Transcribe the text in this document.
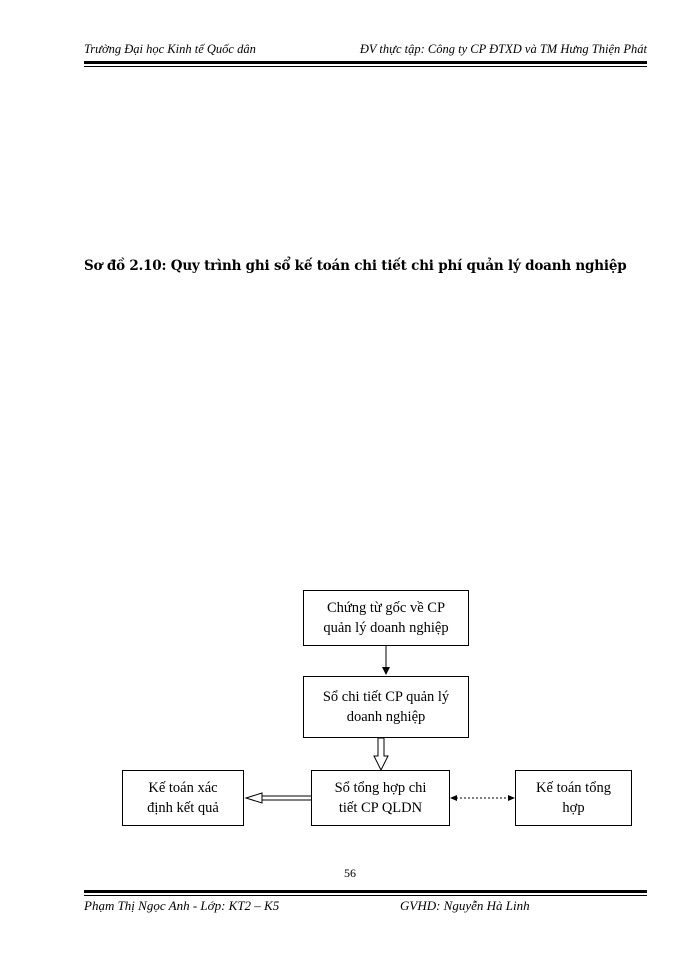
Trường Đại học Kinh tế Quốc dân	ĐV thực tập: Công ty CP ĐTXD và TM Hưng Thiện Phát
Sơ đồ 2.10: Quy trình ghi sổ kế toán chi tiết chi phí quản lý doanh nghiệp
Chứng từ gốc về CP
quản lý doanh nghiệp
Sổ chi tiết CP quản lý
doanh nghiệp
Sổ tổng hợp chi
tiết CP QLDN
Kế toán xác
định kết quả
Kế toán tổng
hợp
56
Phạm Thị Ngọc Anh - Lớp: KT2 – K5	GVHD: Nguyễn Hà Linh
